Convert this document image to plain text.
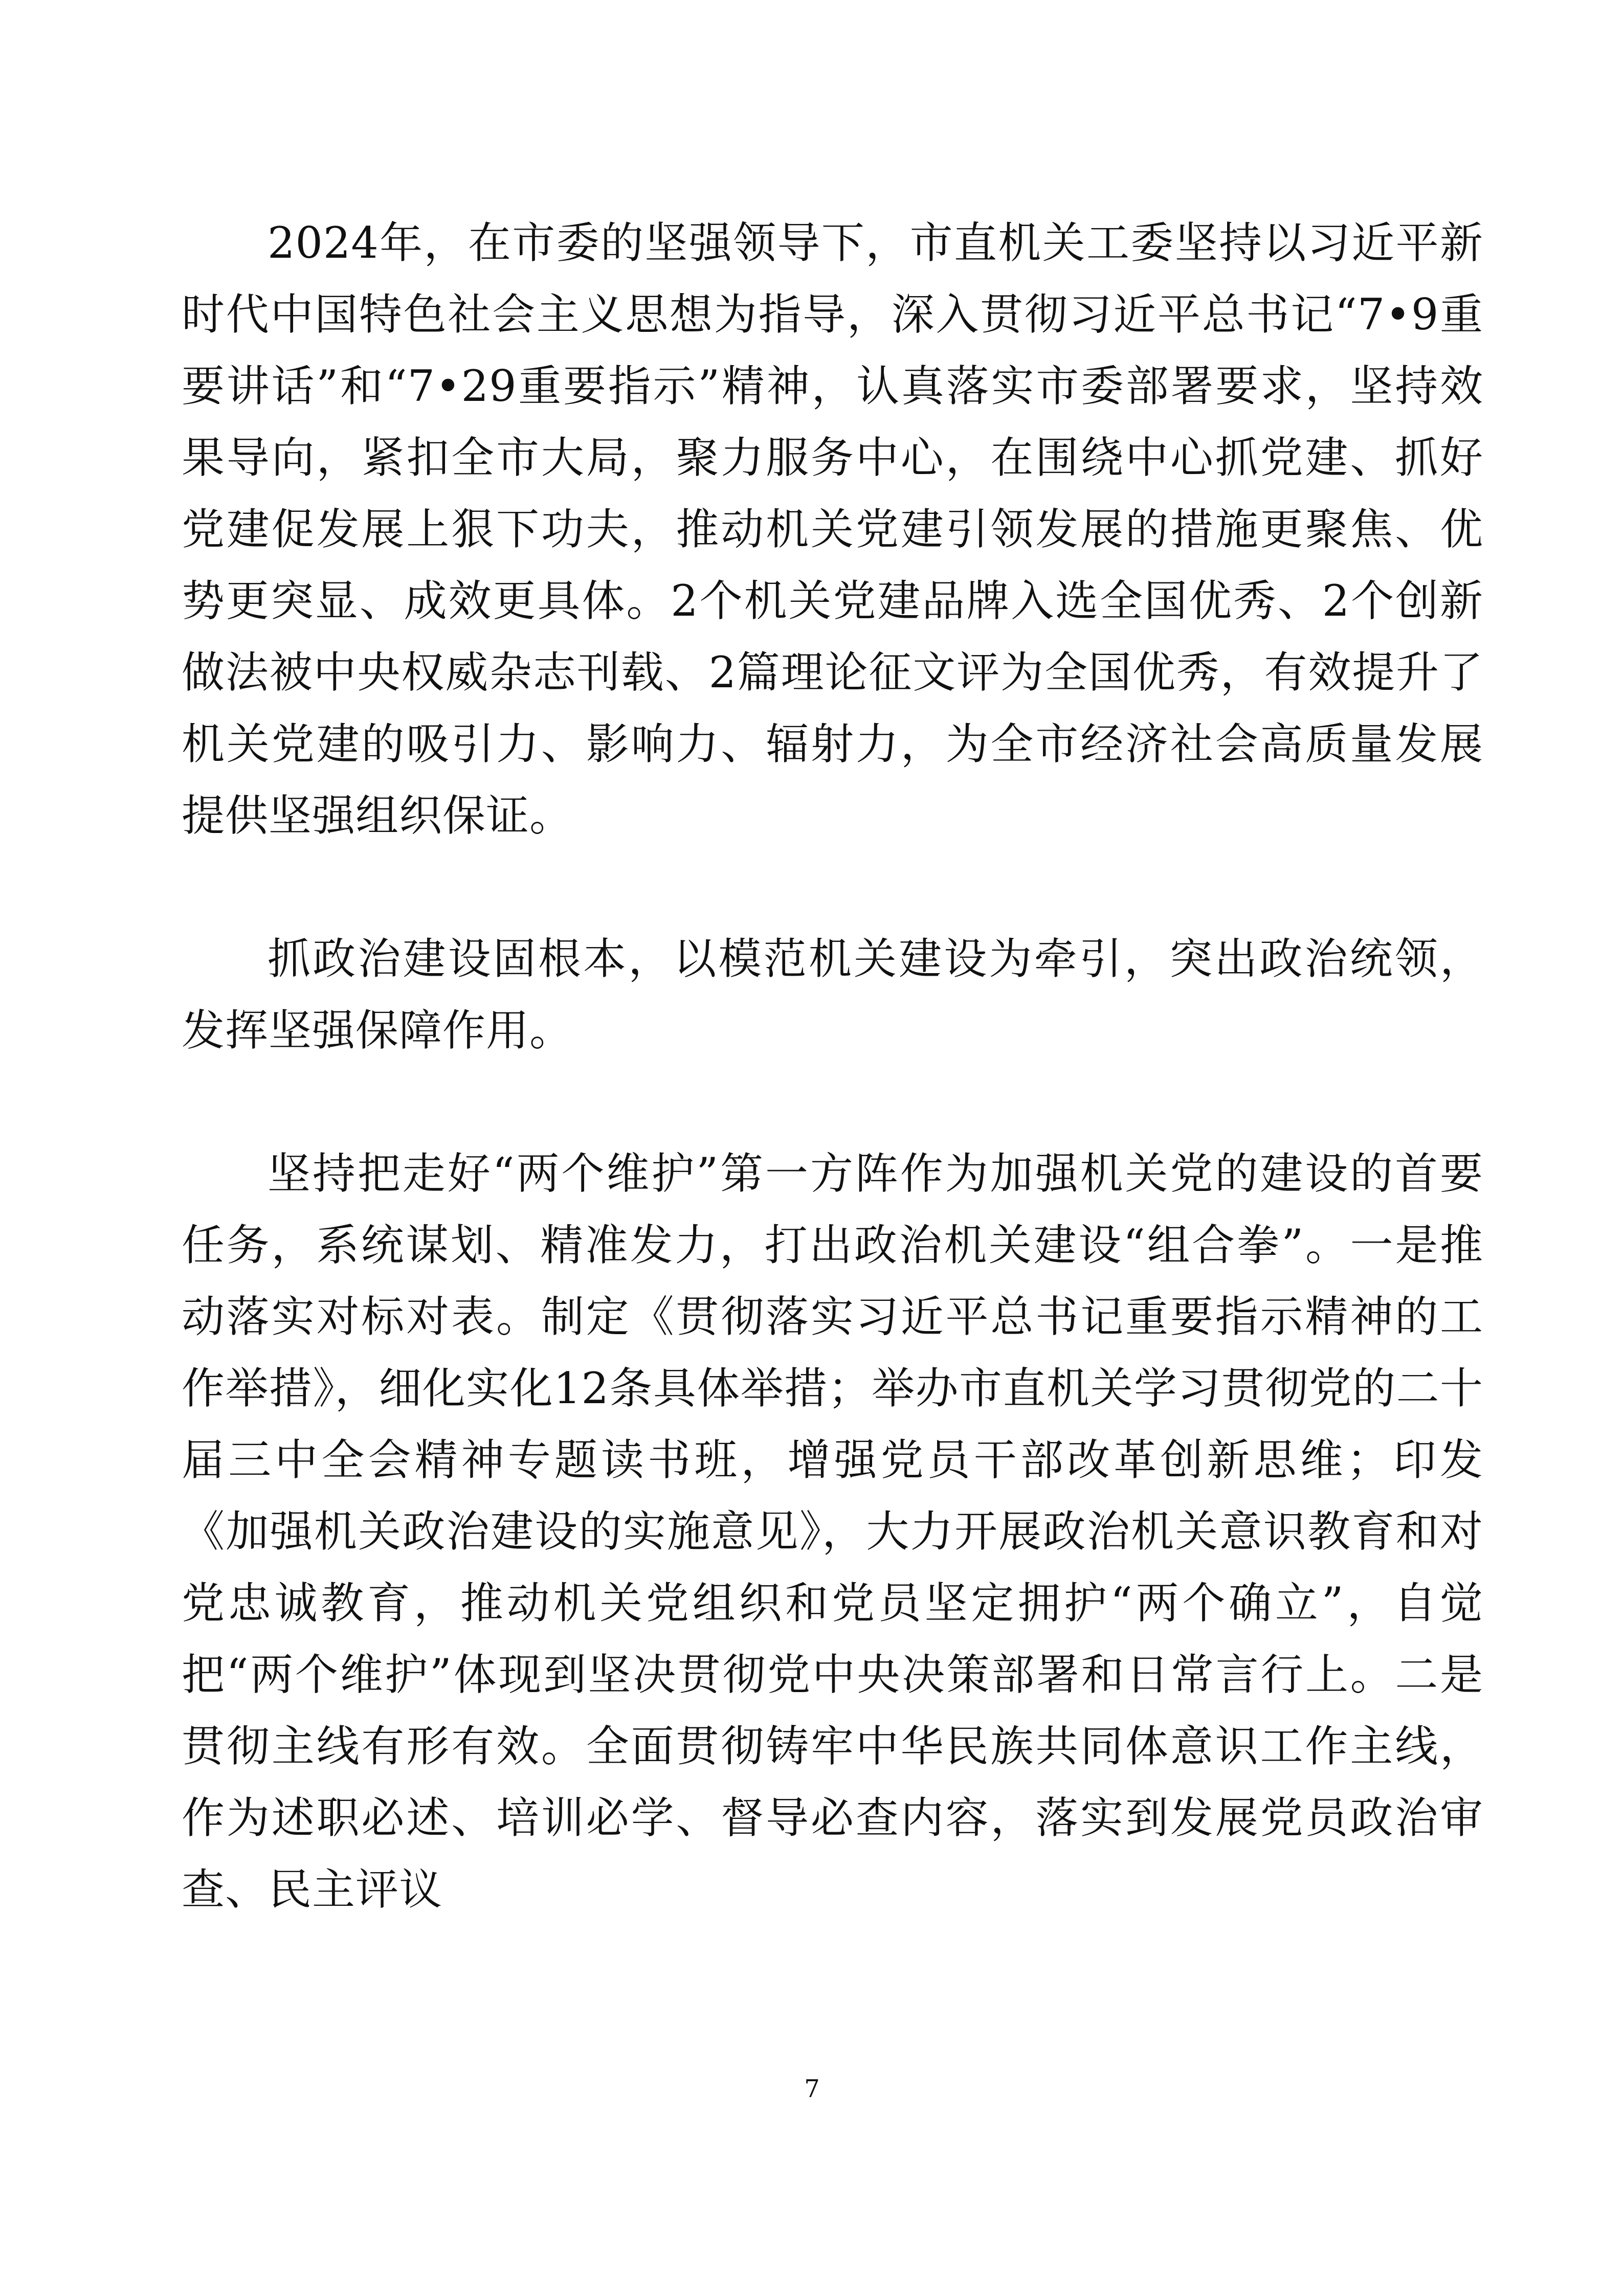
2024年，在市委的坚强领导下，市直机关工委坚持以习近平新时代中国特色社会主义思想为指导，深入贯彻习近平总书记“7•9重要讲话”和“7•29重要指示”精神，认真落实市委部署要求，坚持效果导向，紧扣全市大局，聚力服务中心，在围绕中心抓党建、抓好党建促发展上狠下功夫，推动机关党建引领发展的措施更聚焦、优势更突显、成效更具体。2个机关党建品牌入选全国优秀、2个创新做法被中央权威杂志刊载、2篇理论征文评为全国优秀，有效提升了机关党建的吸引力、影响力、辐射力，为全市经济社会高质量发展提供坚强组织保证。

抓政治建设固根本，以模范机关建设为牵引，突出政治统领，发挥坚强保障作用。

坚持把走好“两个维护”第一方阵作为加强机关党的建设的首要任务，系统谋划、精准发力，打出政治机关建设“组合拳”。一是推动落实对标对表。制定《贯彻落实习近平总书记重要指示精神的工作举措》，细化实化12条具体举措；举办市直机关学习贯彻党的二十届三中全会精神专题读书班，增强党员干部改革创新思维；印发《加强机关政治建设的实施意见》，大力开展政治机关意识教育和对党忠诚教育，推动机关党组织和党员坚定拥护“两个确立”，自觉把“两个维护”体现到坚决贯彻党中央决策部署和日常言行上。二是贯彻主线有形有效。全面贯彻铸牢中华民族共同体意识工作主线，作为述职必述、培训必学、督导必查内容，落实到发展党员政治审查、民主评议

7
